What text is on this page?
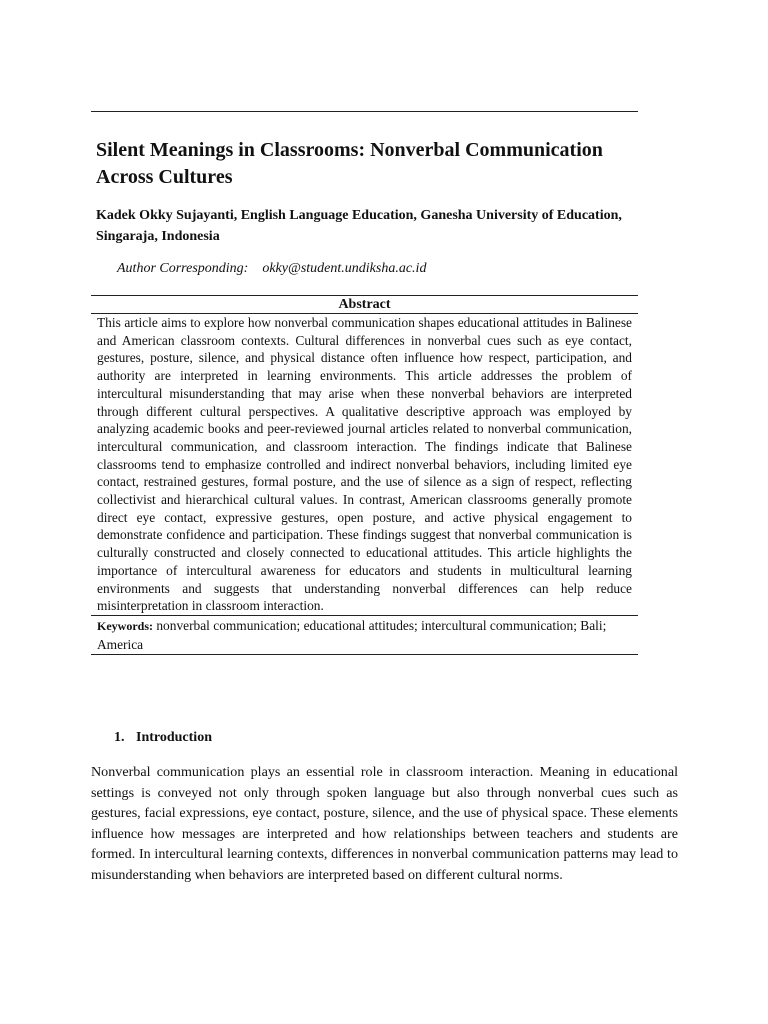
Silent Meanings in Classrooms: Nonverbal Communication Across Cultures

Kadek Okky Sujayanti, English Language Education, Ganesha University of Education, Singaraja, Indonesia

Author Corresponding: okky@student.undiksha.ac.id
Abstract

This article aims to explore how nonverbal communication shapes educational attitudes in Balinese and American classroom contexts. Cultural differences in nonverbal cues such as eye contact, gestures, posture, silence, and physical distance often influence how respect, participation, and authority are interpreted in learning environments. This article addresses the problem of intercultural misunderstanding that may arise when these nonverbal behaviors are interpreted through different cultural perspectives. A qualitative descriptive approach was employed by analyzing academic books and peer-reviewed journal articles related to nonverbal communication, intercultural communication, and classroom interaction. The findings indicate that Balinese classrooms tend to emphasize controlled and indirect nonverbal behaviors, including limited eye contact, restrained gestures, formal posture, and the use of silence as a sign of respect, reflecting collectivist and hierarchical cultural values. In contrast, American classrooms generally promote direct eye contact, expressive gestures, open posture, and active physical engagement to demonstrate confidence and participation. These findings suggest that nonverbal communication is culturally constructed and closely connected to educational attitudes. This article highlights the importance of intercultural awareness for educators and students in multicultural learning environments and suggests that understanding nonverbal differences can help reduce misinterpretation in classroom interaction.

Keywords: nonverbal communication; educational attitudes; intercultural communication; Bali; America

1. Introduction

Nonverbal communication plays an essential role in classroom interaction. Meaning in educational settings is conveyed not only through spoken language but also through nonverbal cues such as gestures, facial expressions, eye contact, posture, silence, and the use of physical space. These elements influence how messages are interpreted and how relationships between teachers and students are formed. In intercultural learning contexts, differences in nonverbal communication patterns may lead to misunderstanding when behaviors are interpreted based on different cultural norms.
